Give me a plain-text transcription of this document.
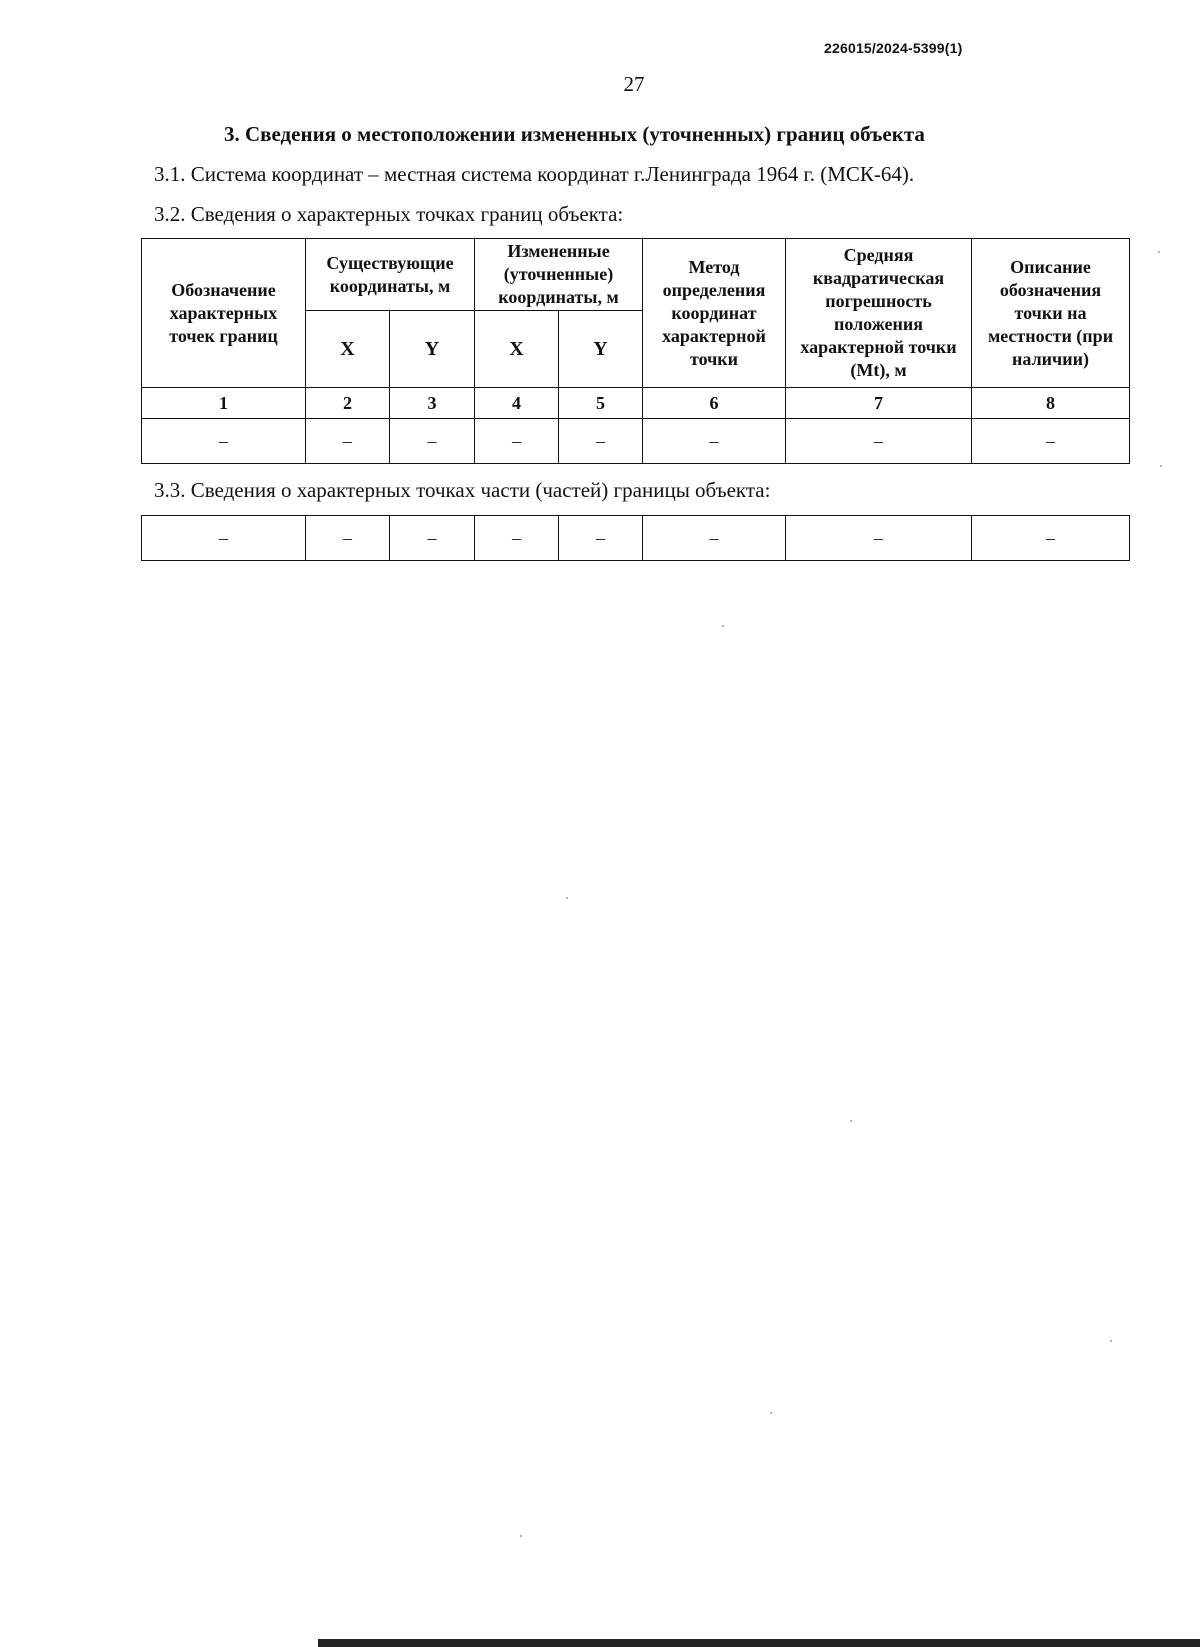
226015/2024-5399(1)
27
3. Сведения о местоположении измененных (уточненных) границ объекта
3.1. Система координат – местная система координат г.Ленинграда 1964 г. (МСК-64).
3.2. Сведения о характерных точках границ объекта:
Обозначение характерных точек границ	Существующие координаты, м		Измененные (уточненные) координаты, м		Метод определения координат характерной точки	Средняя квадратическая погрешность положения характерной точки (Mt), м	Описание обозначения точки на местности (при наличии)
	X	Y	X	Y			
1	2	3	4	5	6	7	8
–	–	–	–	–	–	–	–
3.3. Сведения о характерных точках части (частей) границы объекта:
–	–	–	–	–	–	–	–
